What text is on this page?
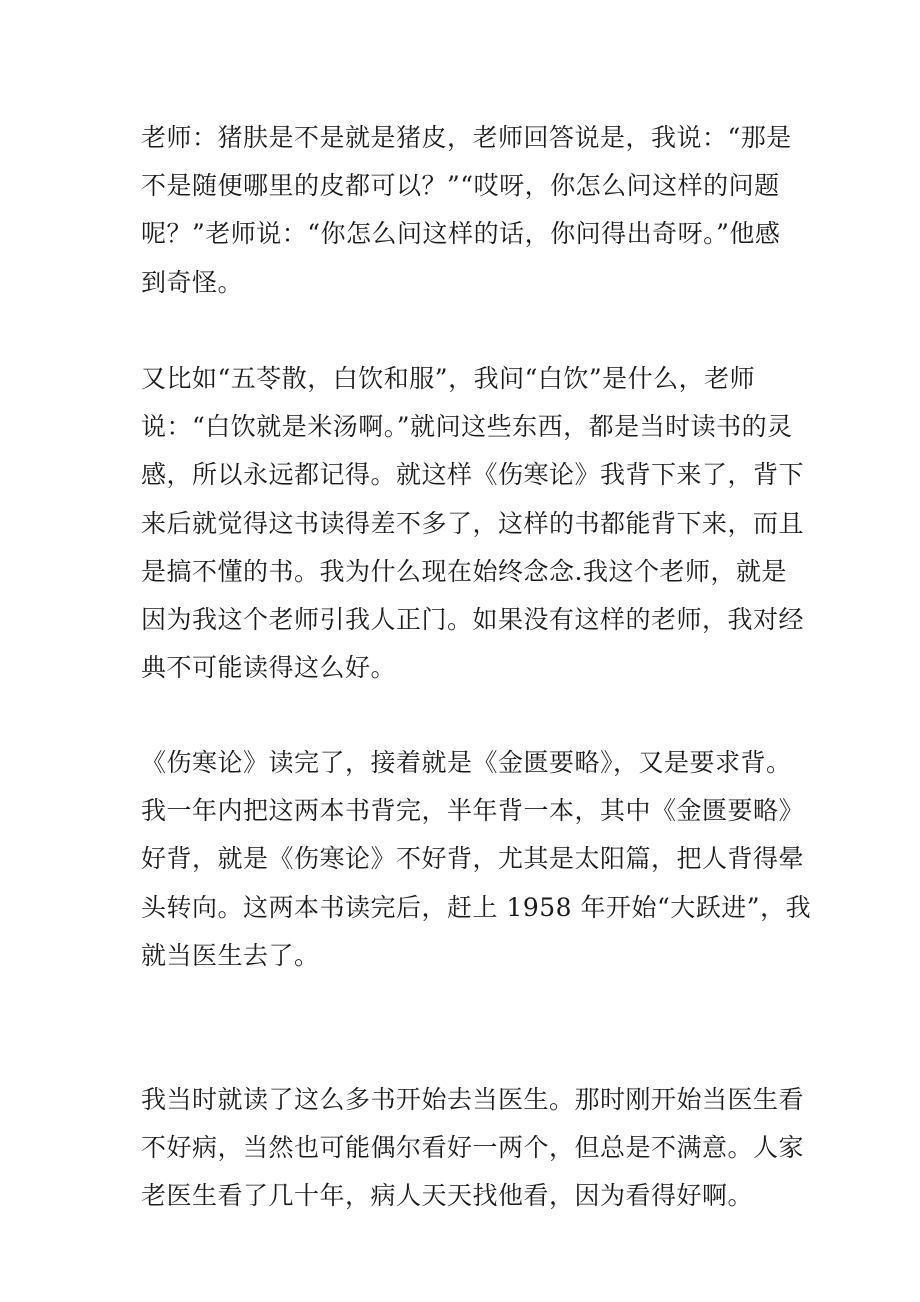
老师：猪肤是不是就是猪皮，老师回答说是，我说：“那是
不是随便哪里的皮都可以？”“哎呀，你怎么问这样的问题
呢？”老师说：“你怎么问这样的话，你问得出奇呀。”他感
到奇怪。

又比如“五苓散，白饮和服”，我问“白饮”是什么，老师
说：“白饮就是米汤啊。”就问这些东西，都是当时读书的灵
感，所以永远都记得。就这样《伤寒论》我背下来了，背下
来后就觉得这书读得差不多了，这样的书都能背下来，而且
是搞不懂的书。我为什么现在始终念念.我这个老师，就是
因为我这个老师引我人正门。如果没有这样的老师，我对经
典不可能读得这么好。

《伤寒论》读完了，接着就是《金匮要略》，又是要求背。
我一年内把这两本书背完，半年背一本，其中《金匮要略》
好背，就是《伤寒论》不好背，尤其是太阳篇，把人背得晕
头转向。这两本书读完后，赶上 1958 年开始“大跃进”，我
就当医生去了。

我当时就读了这么多书开始去当医生。那时刚开始当医生看
不好病，当然也可能偶尔看好一两个，但总是不满意。人家
老医生看了几十年，病人天天找他看，因为看得好啊。
